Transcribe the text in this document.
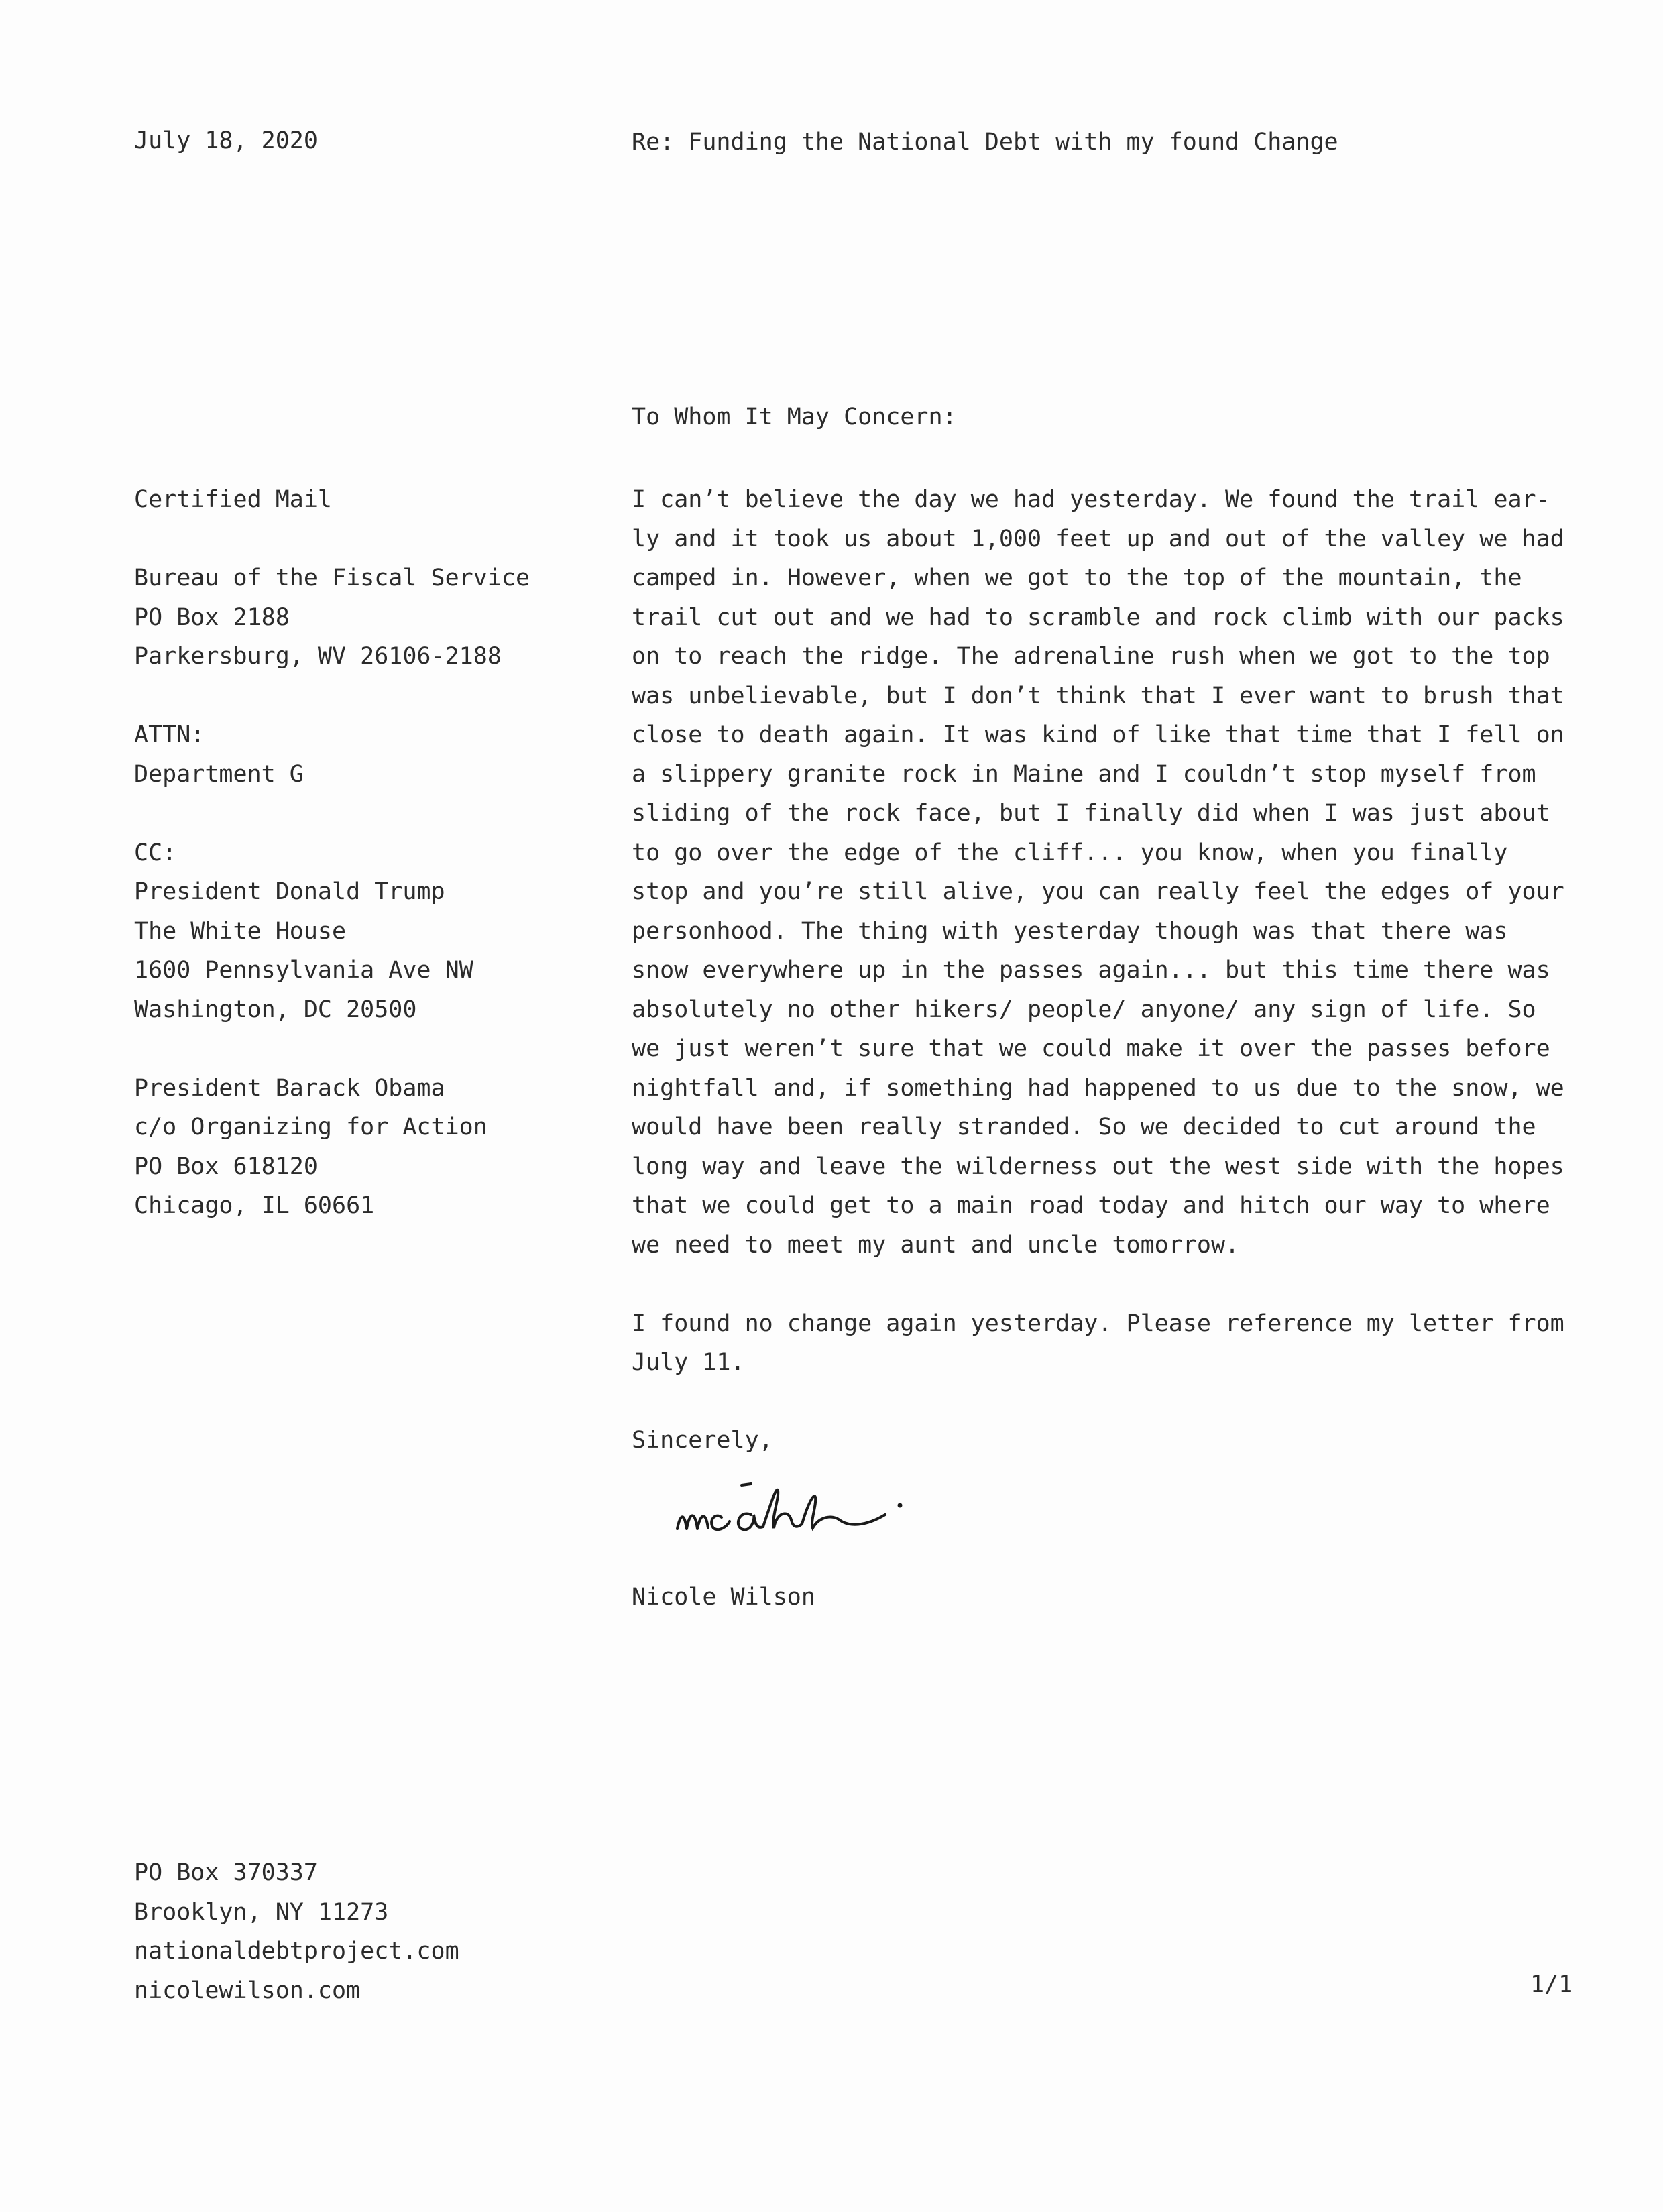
July 18, 2020	Re: Funding the National Debt with my found Change
To Whom It May Concern:
Certified Mail
Bureau of the Fiscal Service
PO Box 2188
Parkersburg, WV 26106-2188
ATTN:
Department G
CC:
President Donald Trump
The White House
1600 Pennsylvania Ave NW
Washington, DC 20500
President Barack Obama
c/o Organizing for Action
PO Box 618120
Chicago, IL 60661
I can’t believe the day we had yesterday. We found the trail ear-
ly and it took us about 1,000 feet up and out of the valley we had
camped in. However, when we got to the top of the mountain, the
trail cut out and we had to scramble and rock climb with our packs
on to reach the ridge. The adrenaline rush when we got to the top
was unbelievable, but I don’t think that I ever want to brush that
close to death again. It was kind of like that time that I fell on
a slippery granite rock in Maine and I couldn’t stop myself from
sliding of the rock face, but I finally did when I was just about
to go over the edge of the cliff... you know, when you finally
stop and you’re still alive, you can really feel the edges of your
personhood. The thing with yesterday though was that there was
snow everywhere up in the passes again... but this time there was
absolutely no other hikers/ people/ anyone/ any sign of life. So
we just weren’t sure that we could make it over the passes before
nightfall and, if something had happened to us due to the snow, we
would have been really stranded. So we decided to cut around the
long way and leave the wilderness out the west side with the hopes
that we could get to a main road today and hitch our way to where
we need to meet my aunt and uncle tomorrow.
I found no change again yesterday. Please reference my letter from
July 11.
Sincerely,
Nicole Wilson
PO Box 370337
Brooklyn, NY 11273
nationaldebtproject.com
nicolewilson.com	1/1
